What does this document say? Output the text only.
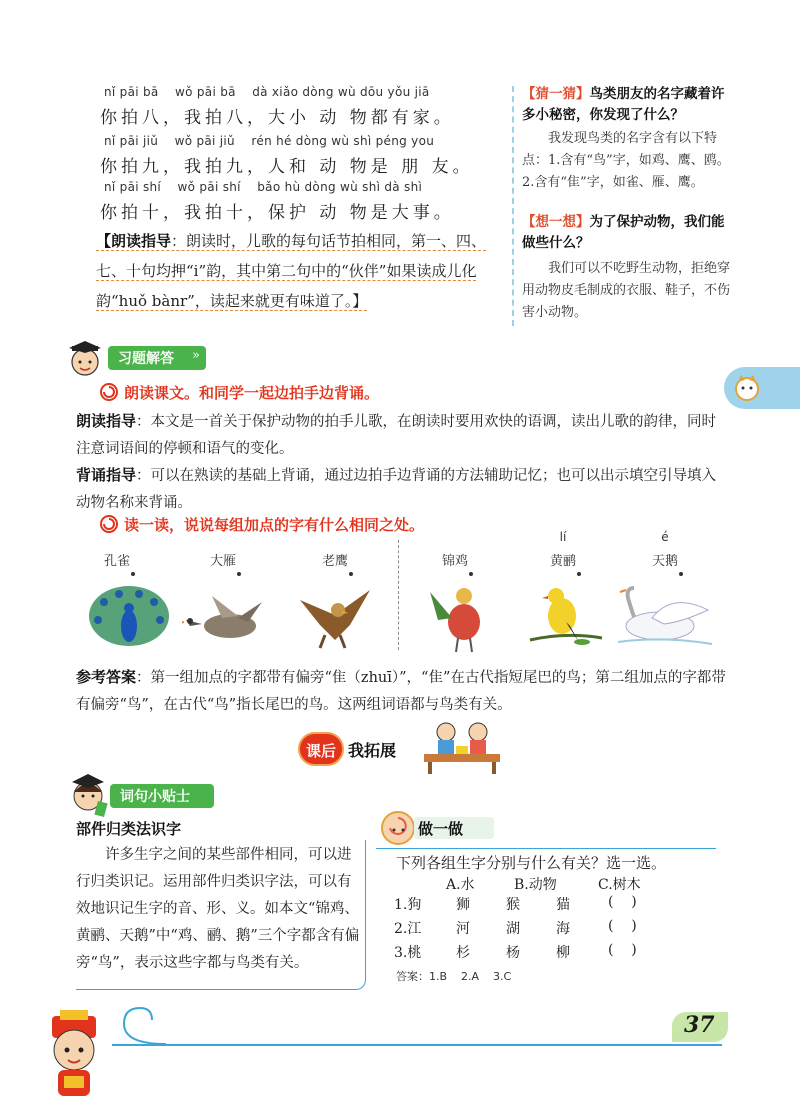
nǐ pāi bā    wǒ pāi bā    dà xiǎo dòng wù dōu yǒu jiā
你拍八，我拍八，大小 动 物都有家。
nǐ pāi jiǔ    wǒ pāi jiǔ    rén hé dòng wù shì péng you
你拍九，我拍九，人和 动 物是 朋 友。
nǐ pāi shí    wǒ pāi shí    bǎo hù dòng wù shì dà shì
你拍十，我拍十，保护 动 物是大事。
【朗读指导：朗读时，儿歌的每句话节拍相同，第一、四、七、十句均押“i”韵，其中第二句中的“伙伴”如果读成儿化韵“huǒ bànr”，读起来就更有味道了。】
【猜一猜】鸟类朋友的名字藏着许多小秘密，你发现了什么？
我发现鸟类的名字含有以下特点：1.含有“鸟”字，如鸡、鹰、鸥。2.含有“隹”字，如雀、雁、鹰。
【想一想】为了保护动物，我们能做些什么？
我们可以不吃野生动物，拒绝穿用动物皮毛制成的衣服、鞋子，不伤害小动物。
习题解答 »
朗读课文。和同学一起边拍手边背诵。
朗读指导：本文是一首关于保护动物的拍手儿歌，在朗读时要用欢快的语调，读出儿歌的韵律，同时注意词语间的停顿和语气的变化。
背诵指导：可以在熟读的基础上背诵，通过边拍手边背诵的方法辅助记忆；也可以出示填空引导填入动物名称来背诵。
读一读，说说每组加点的字有什么相同之处。
孔雀	大雁	老鹰	锦鸡
lí
黄鹂
é
天鹅
参考答案：第一组加点的字都带有偏旁“隹（zhuī）”，“隹”在古代指短尾巴的鸟；第二组加点的字都带有偏旁“鸟”，在古代“鸟”指长尾巴的鸟。这两组词语都与鸟类有关。
课后 我拓展
词句小贴士
部件归类法识字
许多生字之间的某些部件相同，可以进行归类识记。运用部件归类识字法，可以有效地识记生字的音、形、义。如本文“锦鸡、黄鹂、天鹅”中“鸡、鹂、鹅”三个字都含有偏旁“鸟”，表示这些字都与鸟类有关。
做一做
下列各组生字分别与什么有关？选一选。
A.水	B.动物	C.树木
1.狗 狮	猴	猫	(    )
2.江 河	湖	海	(    )
3.桃 杉	杨	柳	(    )
答案：1.B    2.A    3.C
37
